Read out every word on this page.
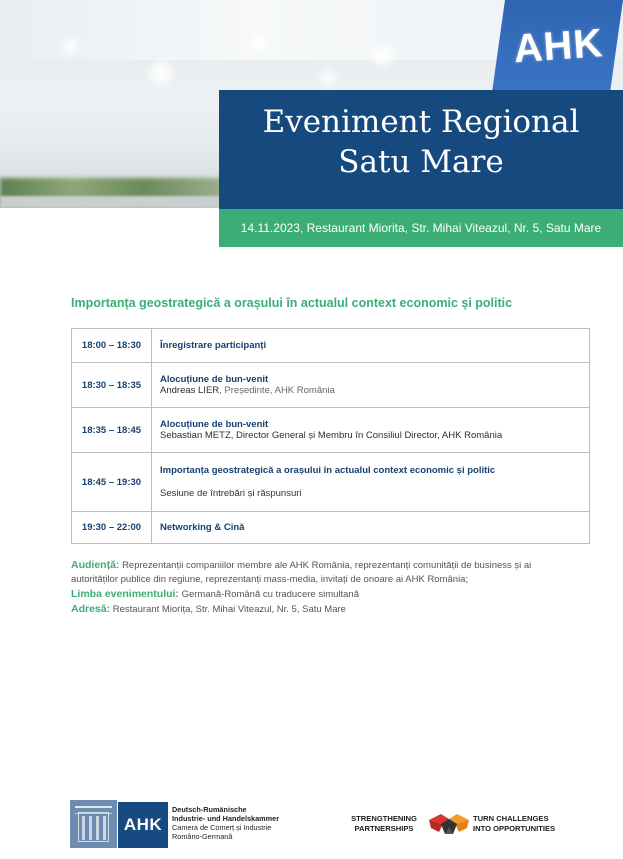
AHK
Eveniment Regional
Satu Mare
14.11.2023, Restaurant Miorita, Str. Mihai Viteazul, Nr. 5, Satu Mare
Importanța geostrategică a orașului în actualul context economic și politic
18:00 – 18:30	Înregistrare participanți

18:30 – 18:35	Alocuțiune de bun-venit
Andreas LIER, Președinte, AHK România
18:35 – 18:45	Alocuțiune de bun-venit
Sebastian METZ, Director General și Membru în Consiliul Director, AHK România
18:45 – 19:30	Importanța geostrategică a orașului în actualul context economic și politic
Sesiune de întrebări și răspunsuri

19:30 – 22:00	Networking & Cină
Audiență: Reprezentanții companiilor membre ale AHK România, reprezentanți comunității de business și ai autorităților publice din regiune, reprezentanți mass-media, invitați de onoare ai AHK România;
Limba evenimentului: Germană-Română cu traducere simultană
Adresă: Restaurant Miorița, Str. Mihai Viteazul, Nr. 5, Satu Mare
AHK
Deutsch-Rumänische
Industrie- und Handelskammer
Camera de Comerț și Industrie
Româno-Germană
STRENGTHENING
PARTNERSHIPS
TURN CHALLENGES
INTO OPPORTUNITIES
